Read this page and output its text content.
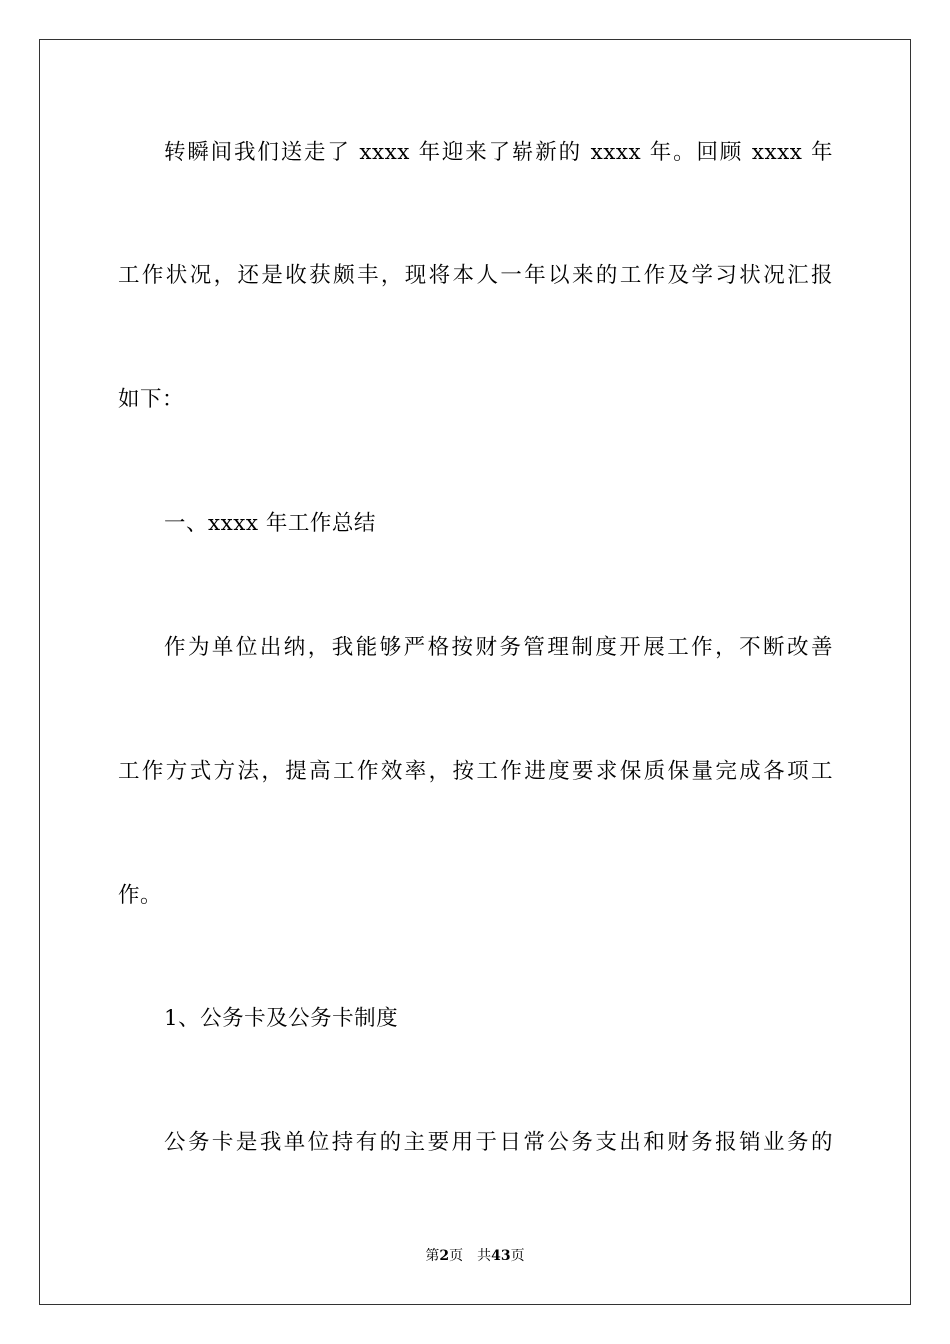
转瞬间我们送走了 xxxx 年迎来了崭新的 xxxx 年。回顾 xxxx 年
工作状况，还是收获颇丰，现将本人一年以来的工作及学习状况汇报
如下：
一、xxxx 年工作总结
作为单位出纳，我能够严格按财务管理制度开展工作，不断改善
工作方式方法，提高工作效率，按工作进度要求保质保量完成各项工
作。
1、公务卡及公务卡制度
公务卡是我单位持有的主要用于日常公务支出和财务报销业务的
第2页 共43页
